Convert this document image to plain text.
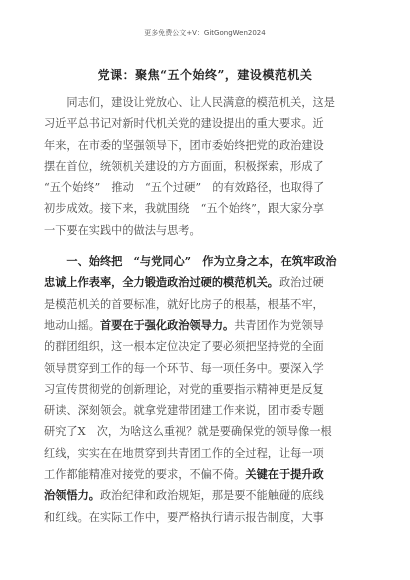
更多免费公文+V：GitGongWen2024
党课：聚焦“五个始终”，建设模范机关
　　同志们，建设让党放心、让人民满意的模范机关，这是
习近平总书记对新时代机关党的建设提出的重大要求。近
年来，在市委的坚强领导下，团市委始终把党的政治建设
摆在首位，统领机关建设的方方面面，积极探索，形成了
“五个始终”　推动　“五个过硬”　的有效路径，也取得了
初步成效。接下来，我就围绕　“五个始终”，跟大家分享
一下要在实践中的做法与思考。
　　一、始终把　“与党同心”　作为立身之本，在筑牢政治
忠诚上作表率，全力锻造政治过硬的模范机关。政治过硬
是模范机关的首要标准，就好比房子的根基，根基不牢，
地动山摇。首要在于强化政治领导力。共青团作为党领导
的群团组织，这一根本定位决定了要必须把坚持党的全面
领导贯穿到工作的每一个环节、每一项任务中。要深入学
习宣传贯彻党的创新理论，对党的重要指示精神更是反复
研读、深刻领会。就拿党建带团建工作来说，团市委专题
研究了X　次，为啥这么重视？就是要确保党的领导像一根
红线，实实在在地贯穿到共青团工作的全过程，让每一项
工作都能精准对接党的要求，不偏不倚。关键在于提升政
治领悟力。政治纪律和政治规矩，那是要不能触碰的底线
和红线。在实际工作中，要严格执行请示报告制度，大事
